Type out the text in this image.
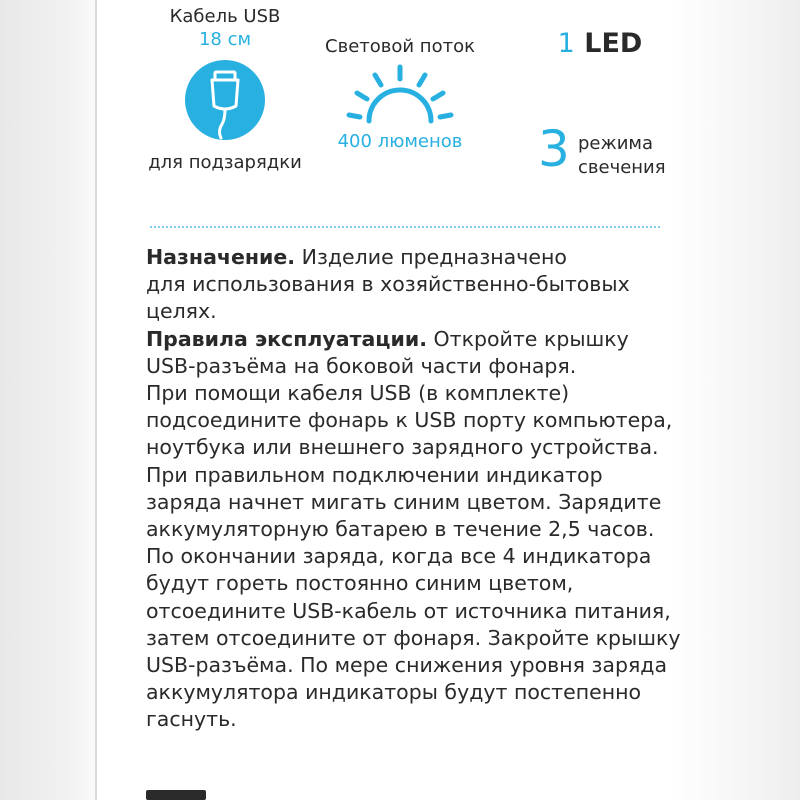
Кабель USB
18 см
для подзарядки
Световой поток
400 люменов
1 LED
3 режима
свечения
Назначение. Изделие предназначено
для использования в хозяйственно-бытовых
целях.
Правила эксплуатации. Откройте крышку
USB-разъёма на боковой части фонаря.
При помощи кабеля USB (в комплекте)
подсоедините фонарь к USB порту компьютера,
ноутбука или внешнего зарядного устройства.
При правильном подключении индикатор
заряда начнет мигать синим цветом. Зарядите
аккумуляторную батарею в течение 2,5 часов.
По окончании заряда, когда все 4 индикатора
будут гореть постоянно синим цветом,
отсоедините USB-кабель от источника питания,
затем отсоедините от фонаря. Закройте крышку
USB-разъёма. По мере снижения уровня заряда
аккумулятора индикаторы будут постепенно
гаснуть.
